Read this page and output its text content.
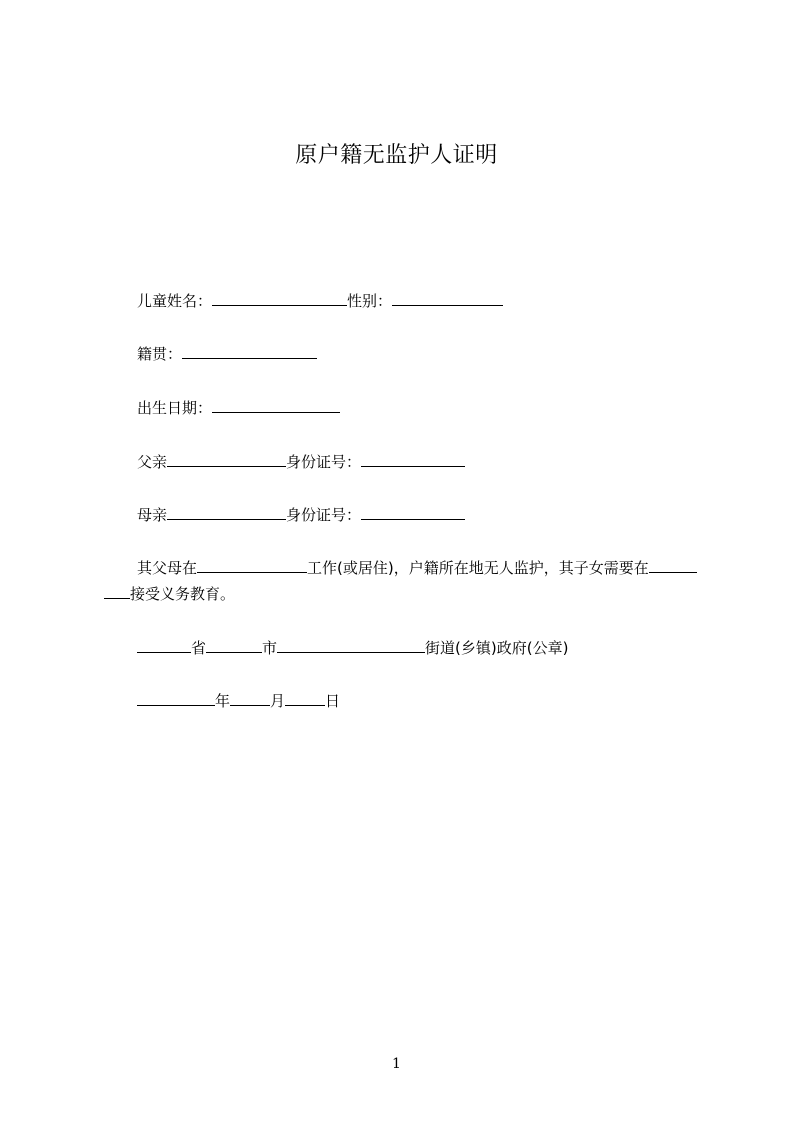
原户籍无监护人证明
儿童姓名：	性别：
籍贯：
出生日期：
父亲	身份证号：
母亲	身份证号：
其父母在	工作(或居住)，户籍所在地无人监护，其子女需要在
接受义务教育。
省	市	街道(乡镇)政府(公章)
年	月	日
1
